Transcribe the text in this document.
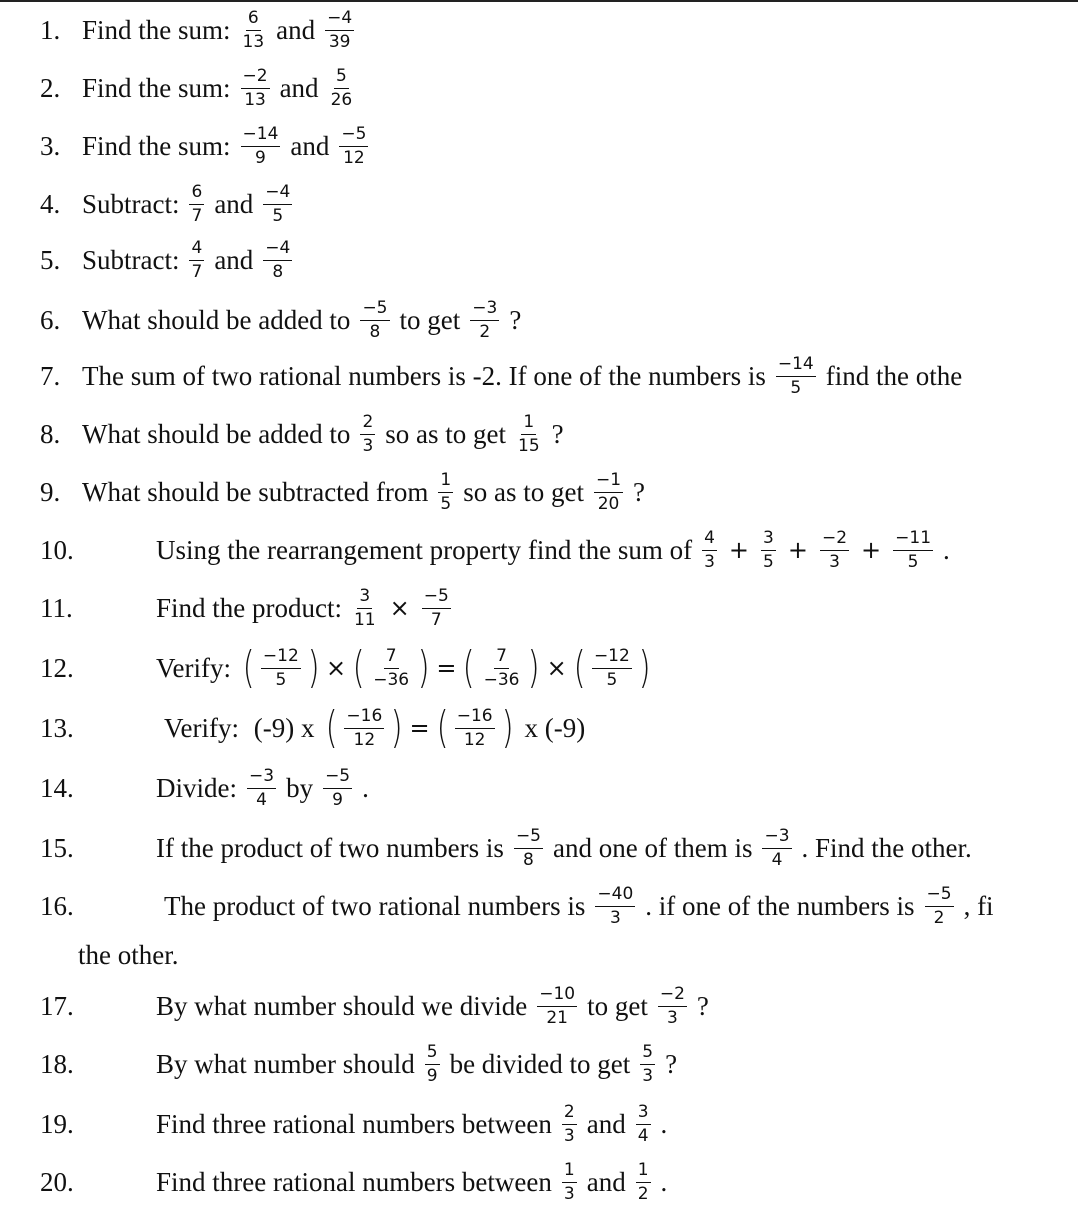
1. Find the sum: $\frac{6}{13}$ and $\frac{-4}{39}$
2. Find the sum: $\frac{-2}{13}$ and $\frac{5}{26}$
3. Find the sum: $\frac{-14}{9}$ and $\frac{-5}{12}$
4. Subtract: $\frac{6}{7}$ and $\frac{-4}{5}$
5. Subtract: $\frac{4}{7}$ and $\frac{-4}{8}$
6. What should be added to $\frac{-5}{8}$ to get $\frac{-3}{2}$ ?
7. The sum of two rational numbers is -2. If one of the numbers is $\frac{-14}{5}$ find the othe
8. What should be added to $\frac{2}{3}$ so as to get $\frac{1}{15}$ ?
9. What should be subtracted from $\frac{1}{5}$ so as to get $\frac{-1}{20}$ ?
10.	Using the rearrangement property find the sum of $\frac{4}{3} + \frac{3}{5} + \frac{-2}{3} + \frac{-11}{5}$ .
11.	Find the product: $\frac{3}{11} \times \frac{-5}{7}$
12.	Verify:
( $\frac{-12}{5}$ ) × ( $\frac{7}{-36}$ ) = ( $\frac{7}{-36}$ ) × ( $\frac{-12}{5}$ )
13.	Verify:
(-9) x
( $\frac{-16}{12}$ ) = ( $\frac{-16}{12}$ )
x (-9)
14.	Divide: $\frac{-3}{4}$ by $\frac{-5}{9}$ .
15.	If the product of two numbers is $\frac{-5}{8}$ and one of them is $\frac{-3}{4}$ . Find the other.
16.	The product of two rational numbers is $\frac{-40}{3}$ . if one of the numbers is $\frac{-5}{2}$ , fi
the other.
17.	By what number should we divide $\frac{-10}{21}$ to get $\frac{-2}{3}$ ?
18.	By what number should $\frac{5}{9}$ be divided to get $\frac{5}{3}$ ?
19.	Find three rational numbers between $\frac{2}{3}$ and $\frac{3}{4}$ .
20.	Find three rational numbers between $\frac{1}{3}$ and $\frac{1}{2}$ .
